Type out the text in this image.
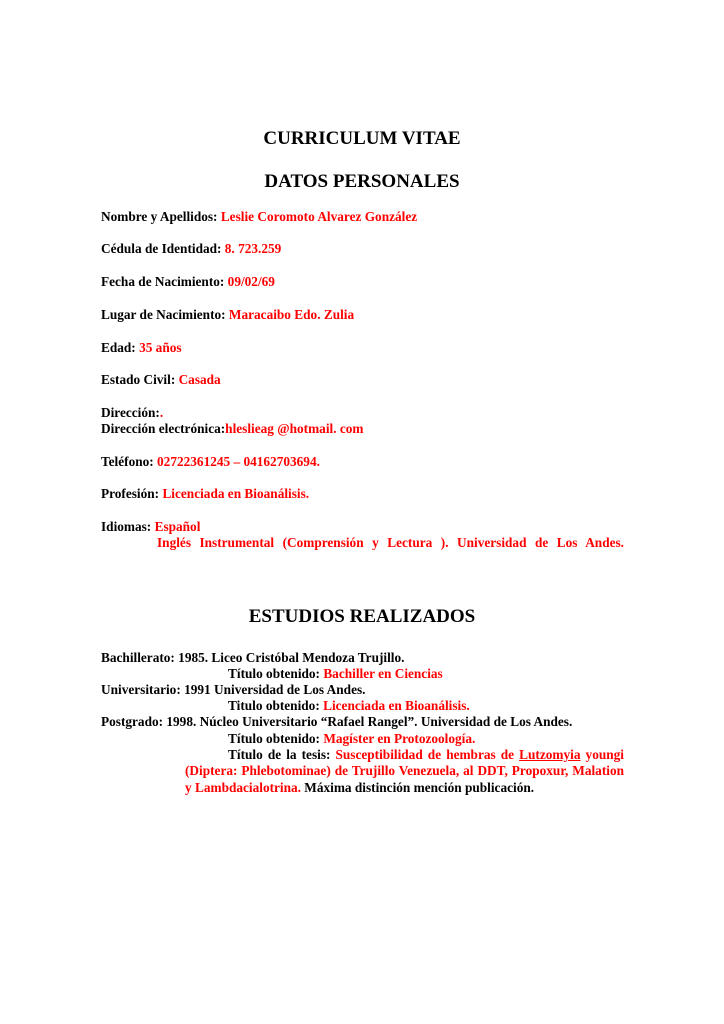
CURRICULUM VITAE
DATOS PERSONALES
Nombre y Apellidos: Leslie Coromoto Alvarez González
Cédula de Identidad: 8. 723.259
Fecha de Nacimiento: 09/02/69
Lugar de Nacimiento: Maracaibo Edo. Zulia
Edad: 35 años
Estado Civil: Casada
Dirección:.
Dirección electrónica:hleslieag @hotmail. com
Teléfono: 02722361245 – 04162703694.
Profesión: Licenciada en Bioanálisis.
Idiomas: Español
Inglés Instrumental (Comprensión y Lectura ). Universidad de Los Andes.
ESTUDIOS REALIZADOS
Bachillerato: 1985. Liceo Cristóbal Mendoza Trujillo.
Título obtenido: Bachiller en Ciencias
Universitario: 1991 Universidad de Los Andes.
Titulo obtenido: Licenciada en Bioanálisis.
Postgrado: 1998. Núcleo Universitario “Rafael Rangel”. Universidad de Los Andes.
Título obtenido: Magíster en Protozoología.
Título de la tesis: Susceptibilidad de hembras de Lutzomyia youngi (Diptera: Phlebotominae) de Trujillo Venezuela, al DDT, Propoxur, Malation y Lambdacialotrina. Máxima distinción mención publicación.
